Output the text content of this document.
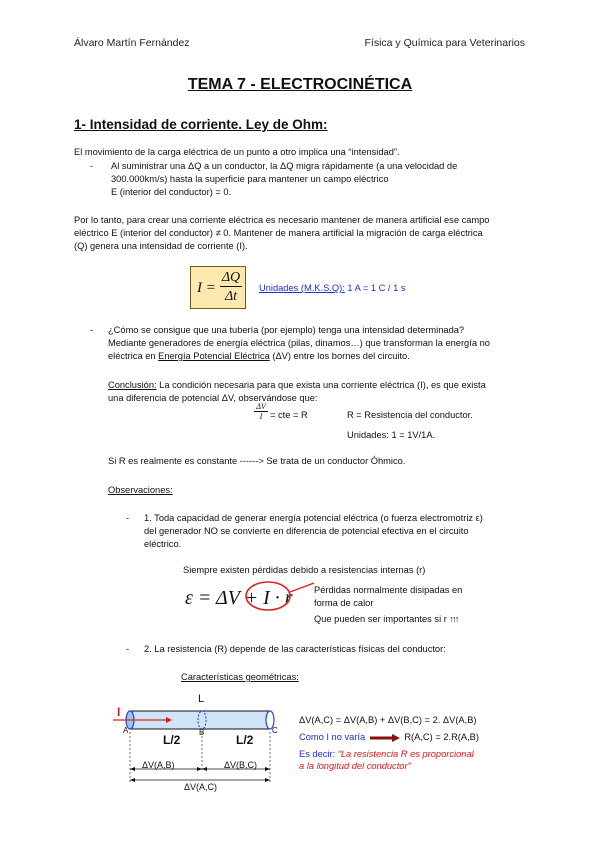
Álvaro Martín Fernández	Física y Química para Veterinarios
TEMA 7 - ELECTROCINÉTICA
1- Intensidad de corriente. Ley de Ohm:
El movimiento de la carga eléctrica de un punto a otro implica una “intensidad”.
- Al suministrar una ΔQ a un conductor, la ΔQ migra rápidamente (a una velocidad de
300.000km/s) hasta la superficie para mantener un campo eléctrico
E (interior del conductor) = 0.
Por lo tanto, para crear una corriente eléctrica es necesario mantener de manera artificial ese campo
eléctrico E (interior del conductor) ≠ 0. Mantener de manera artificial la migración de carga eléctrica
(Q) genera una intensidad de corriente (I).
I =
ΔQ
Δt
Unidades (M.K.S.Q): 1 A = 1 C / 1 s
- ¿Cómo se consigue que una tubería (por ejemplo) tenga una intensidad determinada?
Mediante generadores de energía eléctrica (pilas, dinamos…) que transforman la energía no
eléctrica en Energía Potencial Eléctrica (ΔV) entre los bornes del circuito.
Conclusión: La condición necesaria para que exista una corriente eléctrica (I), es que exista
una diferencia de potencial ΔV, observándose que:
$\frac{\Delta V}{I}$ = cte = R	R = Resistencia del conductor.
Unidades: 1 = 1V/1A.
Si R es realmente es constante ------> Se trata de un conductor Óhmico.
Observaciones:
- 1. Toda capacidad de generar energía potencial eléctrica (o fuerza electromotriz ε)
del generador NO se convierte en diferencia de potencial efectiva en el circuito
eléctrico.
Siempre existen pérdidas debido a resistencias internas (r)
ε = ΔV + I · r Pérdidas normalmente disipadas en
forma de calor
Que pueden ser importantes si r ↑↑↑
- 2. La resistencia (R) depende de las características físicas del conductor:
Características geométricas:
L
I
A	B	C
L/2	L/2
ΔV(A,B)	ΔV(B,C)
ΔV(A,C)
ΔV(A,C) = ΔV(A,B) + ΔV(B,C) = 2. ΔV(A,B)
Como I no varía	R(A,C) = 2.R(A,B)
Es decir: “La resistencia R es proporcional
a la longitud del conductor”
